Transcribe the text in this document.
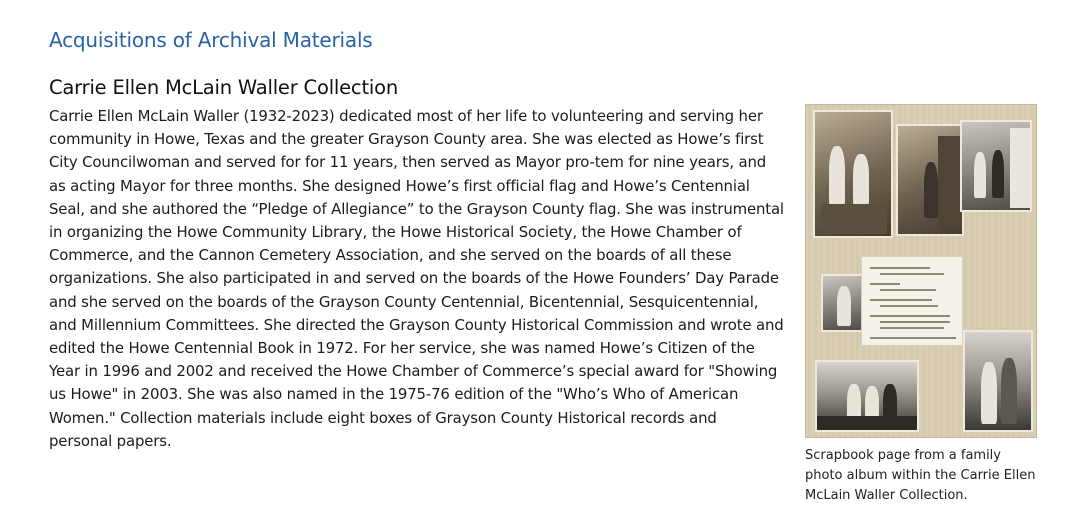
Acquisitions of Archival Materials
Carrie Ellen McLain Waller Collection

Carrie Ellen McLain Waller (1932-2023) dedicated most of her life to volunteering and serving her community in Howe, Texas and the greater Grayson County area. She was elected as Howe’s first City Councilwoman and served for for 11 years, then served as Mayor pro-tem for nine years, and as acting Mayor for three months. She designed Howe’s first official flag and Howe’s Centennial Seal, and she authored the “Pledge of Allegiance” to the Grayson County flag. She was instrumental in organizing the Howe Community Library, the Howe Historical Society, the Howe Chamber of Commerce, and the Cannon Cemetery Association, and she served on the boards of all these organizations. She also participated in and served on the boards of the Howe Founders’ Day Parade and she served on the boards of the Grayson County Centennial, Bicentennial, Sesquicentennial, and Millennium Committees. She directed the Grayson County Historical Commission and wrote and edited the Howe Centennial Book in 1972. For her service, she was named Howe’s Citizen of the Year in 1996 and 2002 and received the Howe Chamber of Commerce’s special award for "Showing us Howe" in 2003. She was also named in the 1975-76 edition of the "Who’s Who of American Women." Collection materials include eight boxes of Grayson County Historical records and personal papers.

Scrapbook page from a family photo album within the Carrie Ellen McLain Waller Collection.
